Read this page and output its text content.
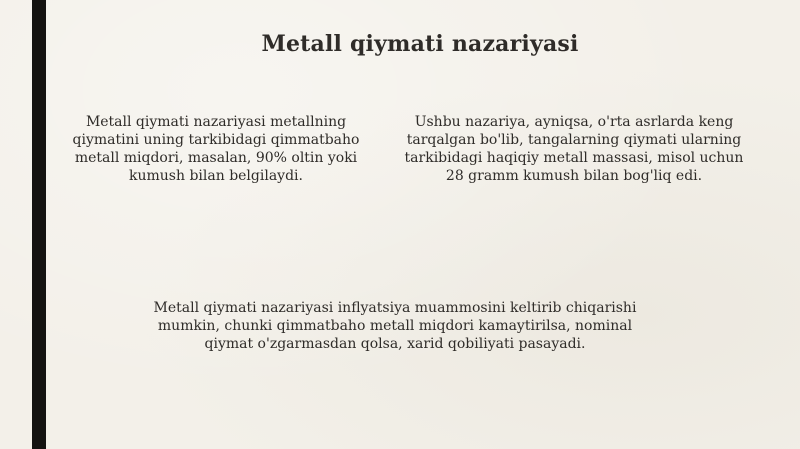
Metall qiymati nazariyasi

Metall qiymati nazariyasi metallning qiymatini uning tarkibidagi qimmatbaho metall miqdori, masalan, 90% oltin yoki kumush bilan belgilaydi.

Ushbu nazariya, ayniqsa, o'rta asrlarda keng tarqalgan bo'lib, tangalarning qiymati ularning tarkibidagi haqiqiy metall massasi, misol uchun 28 gramm kumush bilan bog'liq edi.

Metall qiymati nazariyasi inflyatsiya muammosini keltirib chiqarishi mumkin, chunki qimmatbaho metall miqdori kamaytirilsa, nominal qiymat o'zgarmasdan qolsa, xarid qobiliyati pasayadi.
